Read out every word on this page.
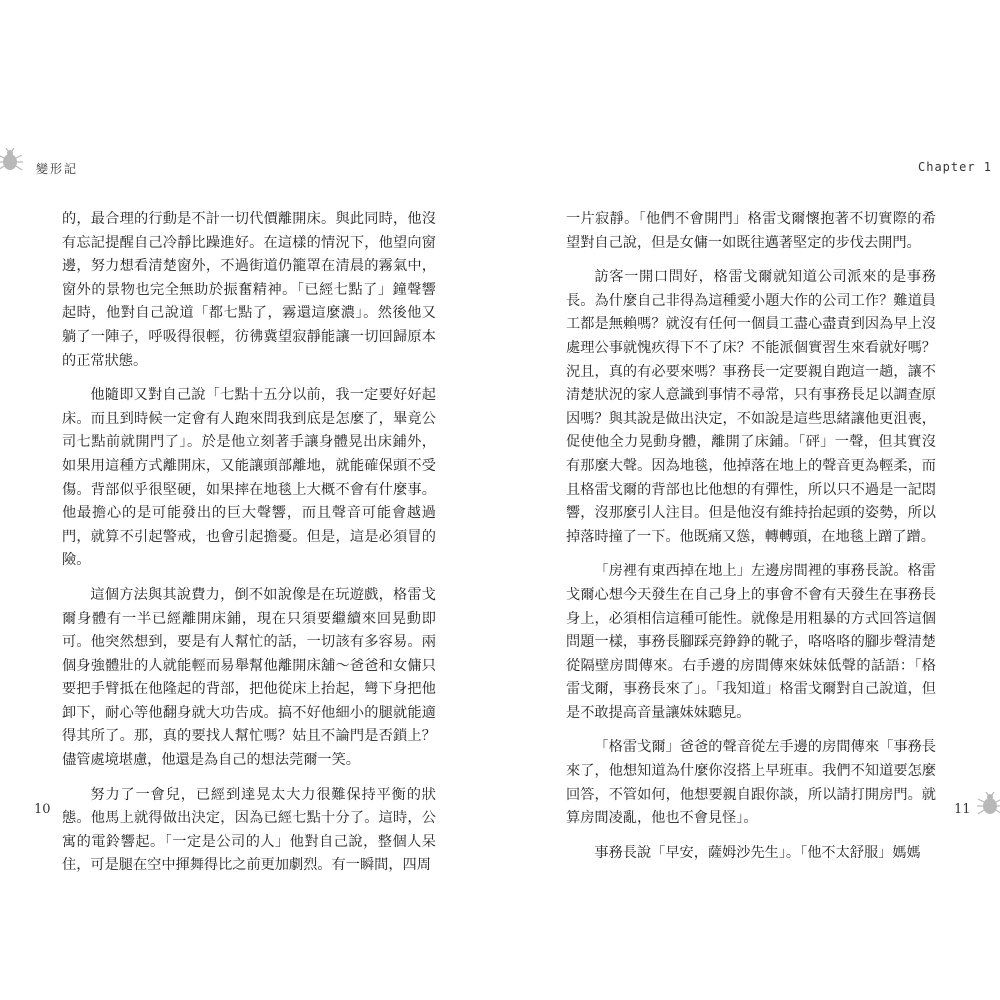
變形記

的，最合理的行動是不計一切代價離開床。與此同時，他沒有忘記提醒自己冷靜比躁進好。在這樣的情況下，他望向窗邊，努力想看清楚窗外，不過街道仍籠罩在清晨的霧氣中，窗外的景物也完全無助於振奮精神。「已經七點了」鐘聲響起時，他對自己說道「都七點了，霧還這麼濃」。然後他又躺了一陣子，呼吸得很輕，彷彿冀望寂靜能讓一切回歸原本的正常狀態。

他隨即又對自己說「七點十五分以前，我一定要好好起床。而且到時候一定會有人跑來問我到底是怎麼了，畢竟公司七點前就開門了」。於是他立刻著手讓身體晃出床鋪外，如果用這種方式離開床，又能讓頭部離地，就能確保頭不受傷。背部似乎很堅硬，如果摔在地毯上大概不會有什麼事。他最擔心的是可能發出的巨大聲響，而且聲音可能會越過門，就算不引起警戒，也會引起擔憂。但是，這是必須冒的險。

這個方法與其說費力，倒不如說像是在玩遊戲，格雷戈爾身體有一半已經離開床鋪，現在只須要繼續來回晃動即可。他突然想到，要是有人幫忙的話，一切該有多容易。兩個身強體壯的人就能輕而易舉幫他離開床舖～爸爸和女傭只要把手臂抵在他隆起的背部，把他從床上抬起，彎下身把他卸下，耐心等他翻身就大功告成。搞不好他細小的腿就能適得其所了。那，真的要找人幫忙嗎？姑且不論門是否鎖上？儘管處境堪慮，他還是為自己的想法莞爾一笑。

努力了一會兒，已經到達晃太大力很難保持平衡的狀態。他馬上就得做出決定，因為已經七點十分了。這時，公寓的電鈴響起。「一定是公司的人」他對自己說，整個人呆住，可是腿在空中揮舞得比之前更加劇烈。有一瞬間，四周

10
Chapter 1

一片寂靜。「他們不會開門」格雷戈爾懷抱著不切實際的希望對自己說，但是女傭一如既往邁著堅定的步伐去開門。

訪客一開口問好，格雷戈爾就知道公司派來的是事務長。為什麼自己非得為這種愛小題大作的公司工作？難道員工都是無賴嗎？就沒有任何一個員工盡心盡責到因為早上沒處理公事就愧疚得下不了床？不能派個實習生來看就好嗎？況且，真的有必要來嗎？事務長一定要親自跑這一趟，讓不清楚狀況的家人意識到事情不尋常，只有事務長足以調查原因嗎？與其說是做出決定，不如說是這些思緒讓他更沮喪，促使他全力晃動身體，離開了床鋪。「砰」一聲，但其實沒有那麼大聲。因為地毯，他掉落在地上的聲音更為輕柔，而且格雷戈爾的背部也比他想的有彈性，所以只不過是一記悶響，沒那麼引人注目。但是他沒有維持抬起頭的姿勢，所以掉落時撞了一下。他既痛又慫，轉轉頭，在地毯上蹭了蹭。

「房裡有東西掉在地上」左邊房間裡的事務長說。格雷戈爾心想今天發生在自己身上的事會不會有天發生在事務長身上，必須相信這種可能性。就像是用粗暴的方式回答這個問題一樣，事務長腳踩亮錚錚的靴子，咯咯咯的腳步聲清楚從隔壁房間傳來。右手邊的房間傳來妹妹低聲的話語：「格雷戈爾，事務長來了」。「我知道」格雷戈爾對自己說道，但是不敢提高音量讓妹妹聽見。

「格雷戈爾」爸爸的聲音從左手邊的房間傳來「事務長來了，他想知道為什麼你沒搭上早班車。我們不知道要怎麼回答，不管如何，他想要親自跟你談，所以請打開房門。就算房間凌亂，他也不會見怪」。

事務長說「早安，薩姆沙先生」。「他不太舒服」媽媽

11
